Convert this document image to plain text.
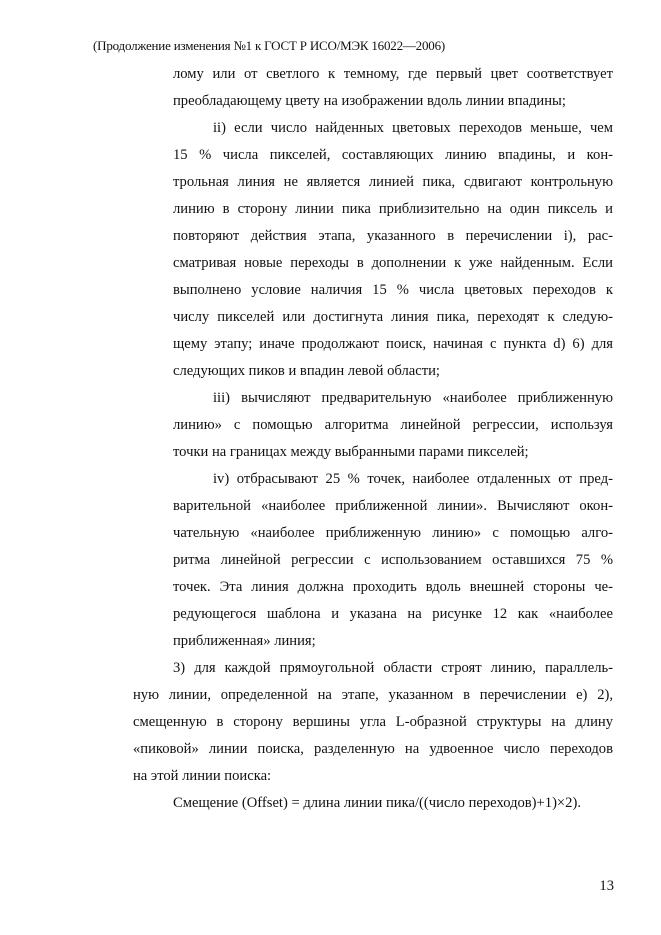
(Продолжение изменения №1 к ГОСТ Р ИСО/МЭК 16022—2006)
лому или от светлого к темному, где первый цвет соответствует
преобладающему цвету на изображении вдоль линии впадины;
ii) если число найденных цветовых переходов меньше, чем
15 % числа пикселей, составляющих линию впадины, и кон-
трольная линия не является линией пика, сдвигают контрольную
линию в сторону линии пика приблизительно на один пиксель и
повторяют действия этапа, указанного в перечислении i), рас-
сматривая новые переходы в дополнении к уже найденным. Если
выполнено условие наличия 15 % числа цветовых переходов к
числу пикселей или достигнута линия пика, переходят к следую-
щему этапу; иначе продолжают поиск, начиная с пункта d) 6) для
следующих пиков и впадин левой области;
iii) вычисляют предварительную «наиболее приближенную
линию» с помощью алгоритма линейной регрессии, используя
точки на границах между выбранными парами пикселей;
iv) отбрасывают 25 % точек, наиболее отдаленных от пред-
варительной «наиболее приближенной линии». Вычисляют окон-
чательную «наиболее приближенную линию» с помощью алго-
ритма линейной регрессии с использованием оставшихся 75 %
точек. Эта линия должна проходить вдоль внешней стороны че-
редующегося шаблона и указана на рисунке 12 как «наиболее
приближенная» линия;
3) для каждой прямоугольной области строят линию, параллель-
ную линии, определенной на этапе, указанном в перечислении е) 2),
смещенную в сторону вершины угла L-образной структуры на длину
«пиковой» линии поиска, разделенную на удвоенное число переходов
на этой линии поиска:
Смещение (Offset) = длина линии пика/((число переходов)+1)×2).
13
